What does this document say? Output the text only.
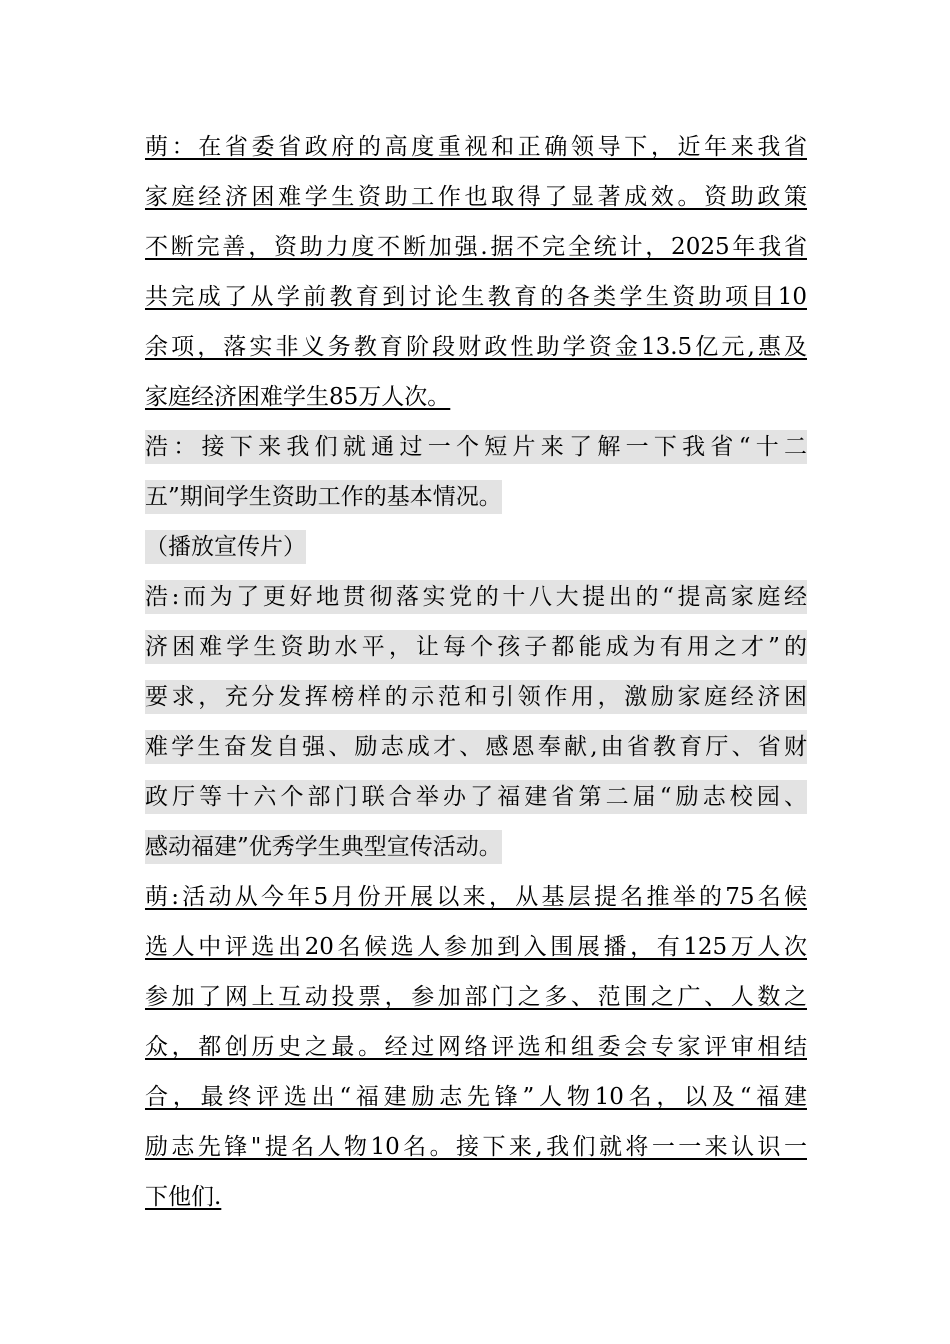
萌：在省委省政府的高度重视和正确领导下，近年来我省
家庭经济困难学生资助工作也取得了显著成效。资助政策
不断完善，资助力度不断加强.据不完全统计，2025年我省
共完成了从学前教育到讨论生教育的各类学生资助项目10
余项，落实非义务教育阶段财政性助学资金13.5亿元,惠及
家庭经济困难学生85万人次。
浩：接下来我们就通过一个短片来了解一下我省“十二
五”期间学生资助工作的基本情况。
（播放宣传片）
浩:而为了更好地贯彻落实党的十八大提出的“提高家庭经
济困难学生资助水平，让每个孩子都能成为有用之才”的
要求，充分发挥榜样的示范和引领作用，激励家庭经济困
难学生奋发自强、励志成才、感恩奉献,由省教育厅、省财
政厅等十六个部门联合举办了福建省第二届“励志校园、
感动福建”优秀学生典型宣传活动。
萌:活动从今年5月份开展以来，从基层提名推举的75名候
选人中评选出20名候选人参加到入围展播，有125万人次
参加了网上互动投票，参加部门之多、范围之广、人数之
众，都创历史之最。经过网络评选和组委会专家评审相结
合，最终评选出“福建励志先锋”人物10名，以及“福建
励志先锋"提名人物10名。接下来,我们就将一一来认识一
下他们.
